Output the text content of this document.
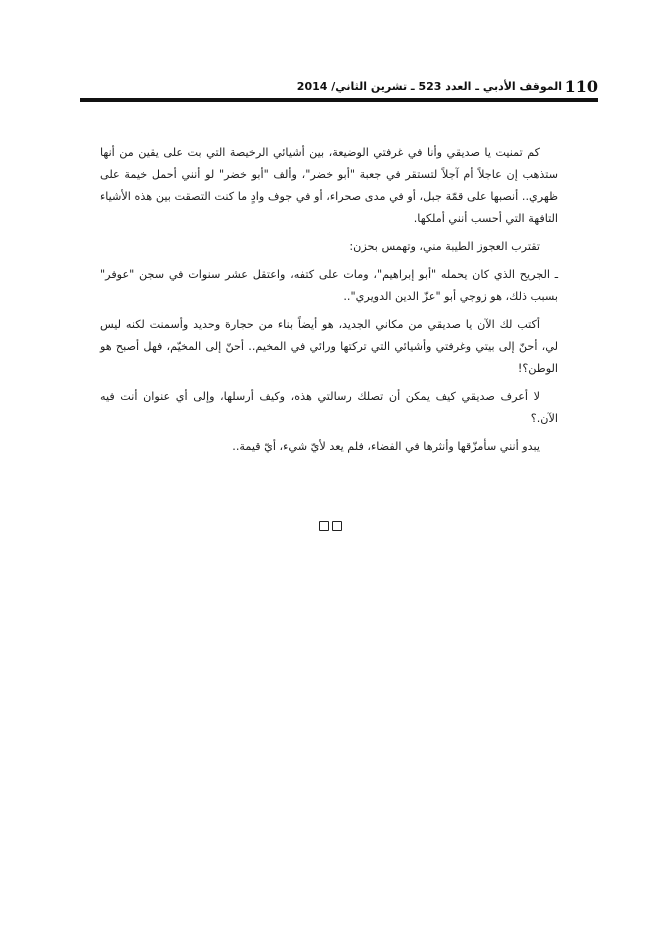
110
الموقف الأدبي ـ العدد 523 ـ تشرين الثاني/ 2014

كم تمنيت يا صديقي وأنا في غرفتي الوضيعة، بين أشيائي الرخيصة التي بت على يقين من أنها ستذهب إن عاجلاً أم آجلاً لتستقر في جعبة "أبو خضر"، وألف "أبو خضر" لو أنني أحمل خيمة على ظهري.. أنصبها على قمّة جبل، أو في مدى صحراء، أو في جوف وادٍ ما كنت التصقت بين هذه الأشياء التافهة التي أحسب أنني أملكها.

تقترب العجوز الطيبة مني، وتهمس بحزن:

ـ الجريح الذي كان يحمله "أبو إبراهيم"، ومات على كتفه، واعتقل عشر سنوات في سجن "عوفر" بسبب ذلك، هو زوجي أبو "عزّ الدين الدويري"..

أكتب لك الآن يا صديقي من مكاني الجديد، هو أيضاً بناء من حجارة وحديد وأسمنت لكنه ليس لي، أحنّ إلى بيتي وغرفتي وأشيائي التي تركتها ورائي في المخيم.. أحنّ إلى المخيّم، فهل أصبح هو الوطن؟!

لا أعرف صديقي كيف يمكن أن تصلك رسالتي هذه، وكيف أرسلها، وإلى أي عنوان أنت فيه الآن.؟

يبدو أنني سأمزّقها وأنثرها في الفضاء، فلم يعد لأيّ شيء، أيّ قيمة..
